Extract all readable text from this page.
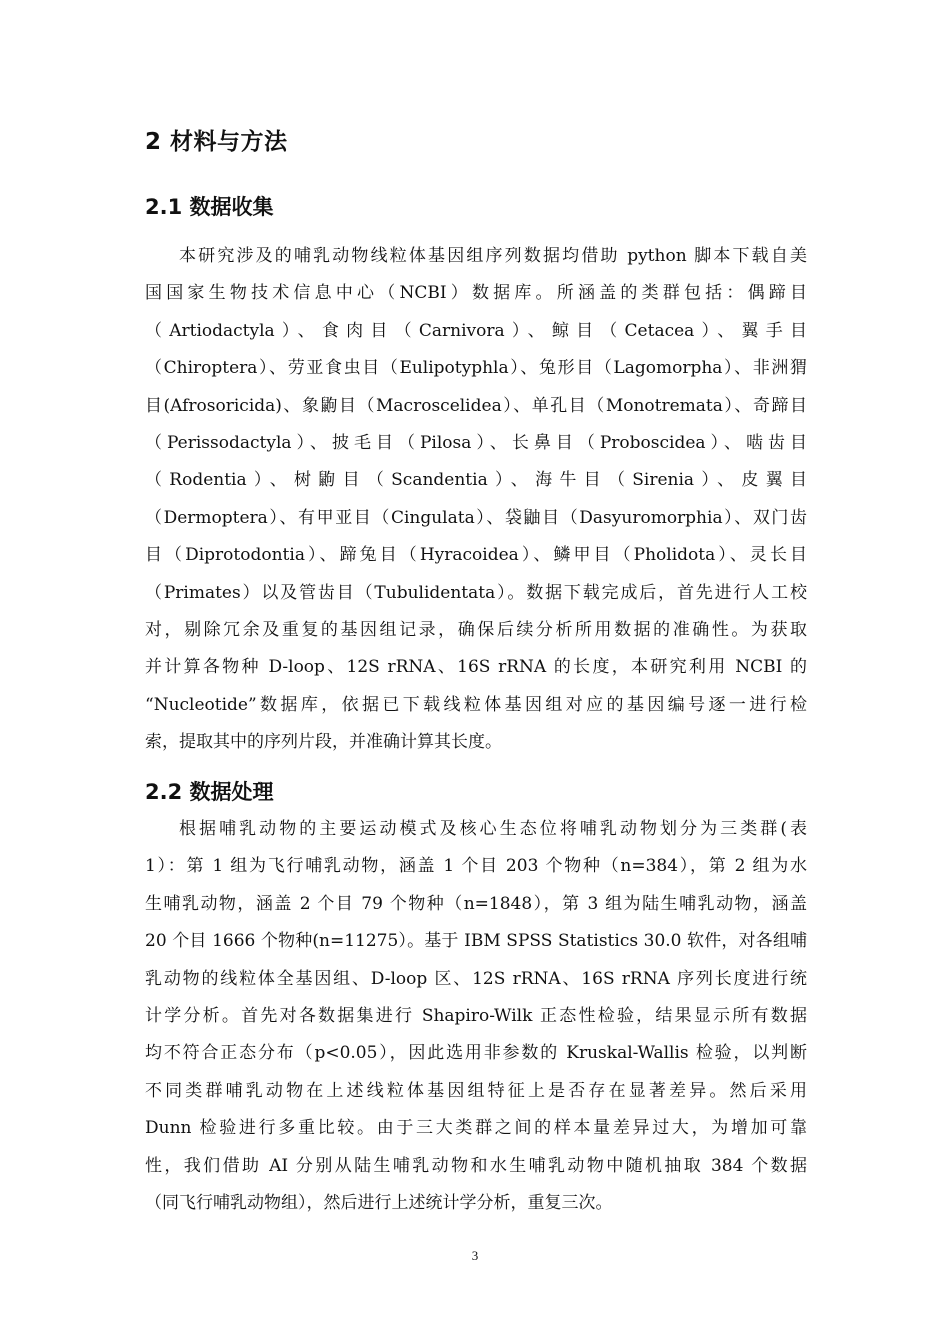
2 材料与方法
2.1 数据收集
本研究涉及的哺乳动物线粒体基因组序列数据均借助 python 脚本下载自美
国国家生物技术信息中心（NCBI）数据库。所涵盖的类群包括：偶蹄目
（Artiodactyla）、食肉目（Carnivora）、鲸目（Cetacea）、翼手目
（Chiroptera）、劳亚食虫目（Eulipotyphla）、兔形目（Lagomorpha）、非洲猬
目(Afrosoricida)、象鼩目（Macroscelidea）、单孔目（Monotremata）、奇蹄目
（Perissodactyla）、披毛目（Pilosa）、长鼻目（Proboscidea）、啮齿目
（Rodentia）、树鼩目（Scandentia）、海牛目（Sirenia）、皮翼目
（Dermoptera）、有甲亚目（Cingulata）、袋鼬目（Dasyuromorphia）、双门齿
目（Diprotodontia）、蹄兔目（Hyracoidea）、鳞甲目（Pholidota）、灵长目
（Primates）以及管齿目（Tubulidentata）。数据下载完成后，首先进行人工校
对，剔除冗余及重复的基因组记录，确保后续分析所用数据的准确性。为获取
并计算各物种 D-loop、12S rRNA、16S rRNA 的长度，本研究利用 NCBI 的
“Nucleotide”数据库，依据已下载线粒体基因组对应的基因编号逐一进行检
索，提取其中的序列片段，并准确计算其长度。
2.2 数据处理
根据哺乳动物的主要运动模式及核心生态位将哺乳动物划分为三类群(表
1）：第 1 组为飞行哺乳动物，涵盖 1 个目 203 个物种（n=384），第 2 组为水
生哺乳动物，涵盖 2 个目 79 个物种（n=1848），第 3 组为陆生哺乳动物，涵盖
20 个目 1666 个物种(n=11275）。基于 IBM SPSS Statistics 30.0 软件，对各组哺
乳动物的线粒体全基因组、D-loop 区、12S rRNA、16S rRNA 序列长度进行统
计学分析。首先对各数据集进行 Shapiro-Wilk 正态性检验，结果显示所有数据
均不符合正态分布（p<0.05），因此选用非参数的 Kruskal-Wallis 检验，以判断
不同类群哺乳动物在上述线粒体基因组特征上是否存在显著差异。然后采用
Dunn 检验进行多重比较。由于三大类群之间的样本量差异过大，为增加可靠
性，我们借助 AI 分别从陆生哺乳动物和水生哺乳动物中随机抽取 384 个数据
（同飞行哺乳动物组），然后进行上述统计学分析，重复三次。
3
